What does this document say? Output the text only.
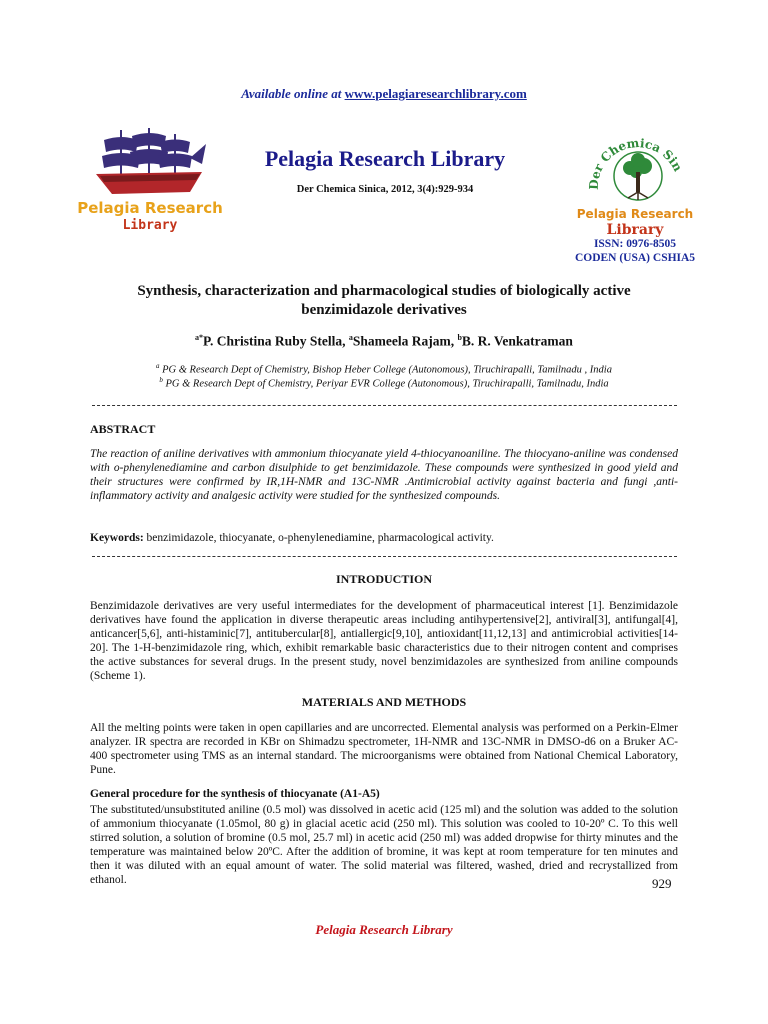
Available online at www.pelagiaresearchlibrary.com
Pelagia Research
Library
Pelagia Research Library
Der Chemica Sinica, 2012, 3(4):929-934	Der Chemica Sin
Pelagia Research
Library
ISSN: 0976-8505
CODEN (USA) CSHIA5
Synthesis, characterization and pharmacological studies of biologically active
benzimidazole derivatives
$^{a*}$P. Christina Ruby Stella, $^a$Shameela Rajam, $^b$B. R. Venkatraman
$^a$ PG & Research Dept of Chemistry, Bishop Heber College (Autonomous), Tiruchirapalli, Tamilnadu , India
$^b$ PG & Research Dept of Chemistry, Periyar EVR College (Autonomous), Tiruchirapalli, Tamilnadu, India
ABSTRACT

The reaction of aniline derivatives with ammonium thiocyanate yield 4-thiocyanoaniline. The thiocyano-aniline was condensed with o-phenylenediamine and carbon disulphide to get benzimidazole. These compounds were synthesized in good yield and their structures were confirmed by IR,1H-NMR and 13C-NMR .Antimicrobial activity against bacteria and fungi ,anti-inflammatory activity and analgesic activity were studied for the synthesized compounds.

Keywords: benzimidazole, thiocyanate, o-phenylenediamine, pharmacological activity.

INTRODUCTION

Benzimidazole derivatives are very useful intermediates for the development of pharmaceutical interest [1]. Benzimidazole derivatives have found the application in diverse therapeutic areas including antihypertensive[2], antiviral[3], antifungal[4], anticancer[5,6], anti-histaminic[7], antitubercular[8], antiallergic[9,10], antioxidant[11,12,13] and antimicrobial activities[14-20]. The 1-H-benzimidazole ring, which, exhibit remarkable basic characteristics due to their nitrogen content and comprises the active substances for several drugs. In the present study, novel benzimidazoles are synthesized from aniline compounds (Scheme 1).

MATERIALS AND METHODS

All the melting points were taken in open capillaries and are uncorrected. Elemental analysis was performed on a Perkin-Elmer analyzer. IR spectra are recorded in KBr on Shimadzu spectrometer, 1H-NMR and 13C-NMR in DMSO-d6 on a Bruker AC-400 spectrometer using TMS as an internal standard. The microorganisms were obtained from National Chemical Laboratory, Pune.

General procedure for the synthesis of thiocyanate (A1-A5)

The substituted/unsubstituted aniline (0.5 mol) was dissolved in acetic acid (125 ml) and the solution was added to the solution of ammonium thiocyanate (1.05mol, 80 g) in glacial acetic acid (250 ml). This solution was cooled to 10-20º C. To this well stirred solution, a solution of bromine (0.5 mol, 25.7 ml) in acetic acid (250 ml) was added dropwise for thirty minutes and the temperature was maintained below 20ºC. After the addition of bromine, it was kept at room temperature for ten minutes and then it was diluted with an equal amount of water. The solid material was filtered, washed, dried and recrystallized from ethanol.	929
Pelagia Research Library
